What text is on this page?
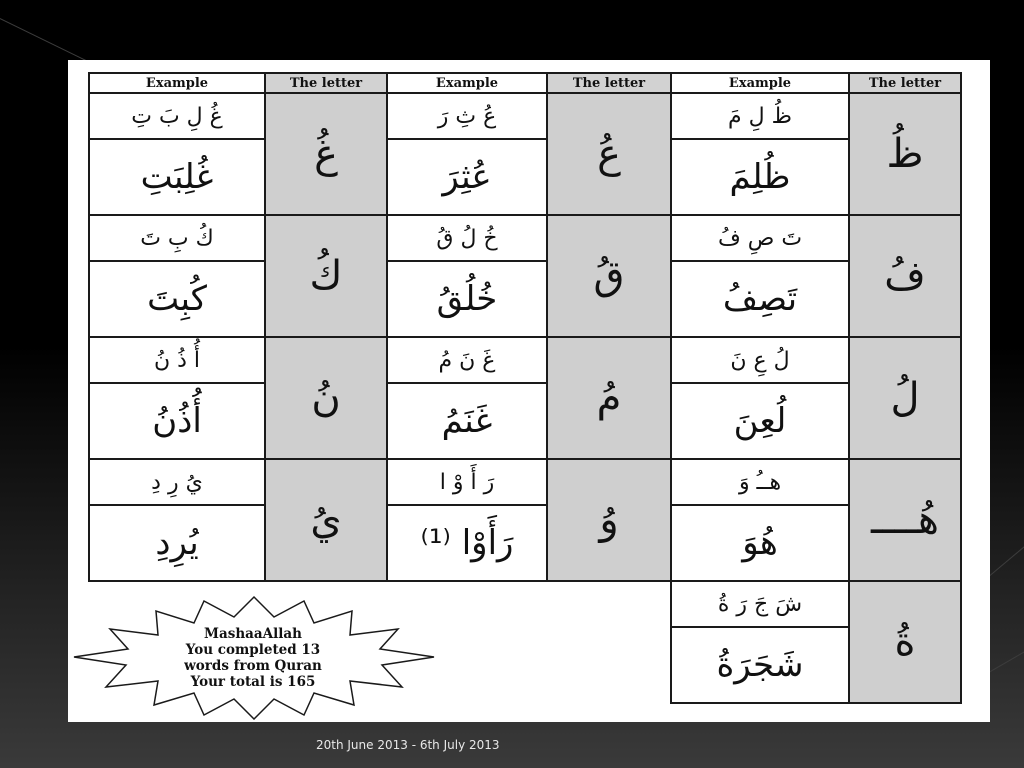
Example	The letter	Example	The letter	Example	The letter
غُ لِ بَ تِ	غُ	عُ ثِ رَ	عُ	ظُ لِ مَ	ظُ
غُلِبَتِ		عُثِرَ		ظُلِمَ	
كُ بِ تَ	كُ	خُ لُ قُ	قُ	تَ صِ فُ	فُ
كُبِتَ		خُلُقُ		تَصِفُ	
أُ ذُ نُ	نُ	غَ نَ مُ	مُ	لُ عِ نَ	لُ
أُذُنُ		غَنَمُ		لُعِنَ	
يُ رِ دِ	يُ	رَ أَ وْ ا	وُ	هــُ وَ	هُــــ
يُرِدِ		رَأَوْا ⁽¹⁾		هُوَ	
				شَ جَ رَ ةُ	ةُ
				شَجَرَةُ	
MashaaAllah
You completed 13
words from Quran
Your total is 165
20th June 2013 - 6th July 2013
